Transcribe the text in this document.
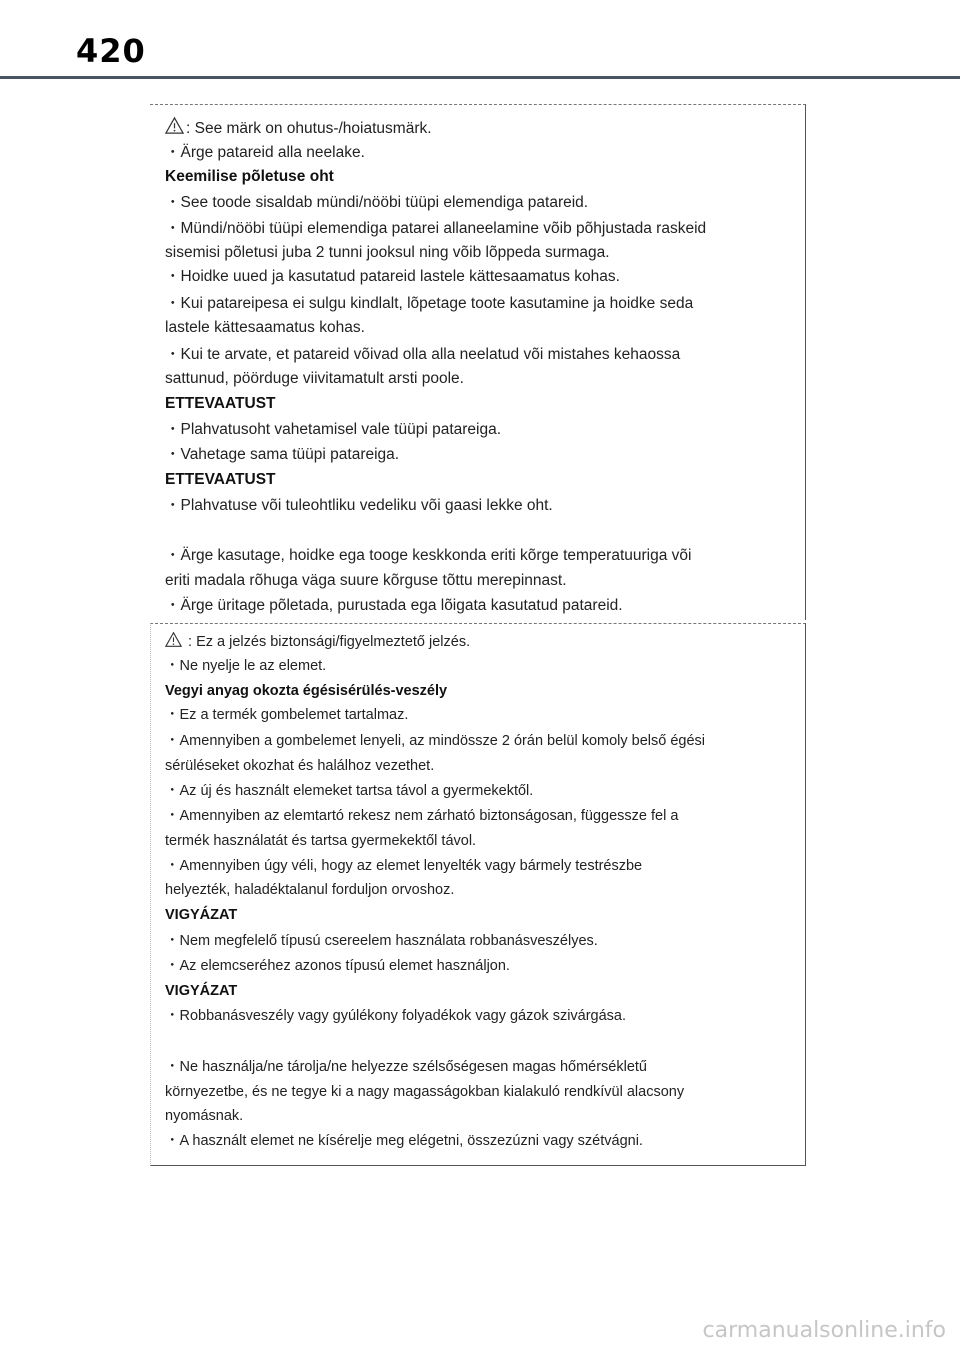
420
: See märk on ohutus-/hoiatusmärk.
・Ärge patareid alla neelake.
Keemilise põletuse oht
・See toode sisaldab mündi/nööbi tüüpi elemendiga patareid.
・Mündi/nööbi tüüpi elemendiga patarei allaneelamine võib põhjustada raskeid
sisemisi põletusi juba 2 tunni jooksul ning võib lõppeda surmaga.
・Hoidke uued ja kasutatud patareid lastele kättesaamatus kohas.
・Kui patareipesa ei sulgu kindlalt, lõpetage toote kasutamine ja hoidke seda
lastele kättesaamatus kohas.
・Kui te arvate, et patareid võivad olla alla neelatud või mistahes kehaossa
sattunud, pöörduge viivitamatult arsti poole.
ETTEVAATUST
・Plahvatusoht vahetamisel vale tüüpi patareiga.
・Vahetage sama tüüpi patareiga.
ETTEVAATUST
・Plahvatuse või tuleohtliku vedeliku või gaasi lekke oht.
・Ärge kasutage, hoidke ega tooge keskkonda eriti kõrge temperatuuriga või
eriti madala rõhuga väga suure kõrguse tõttu merepinnast.
・Ärge üritage põletada, purustada ega lõigata kasutatud patareid.
: Ez a jelzés biztonsági/figyelmeztető jelzés.
・Ne nyelje le az elemet.
Vegyi anyag okozta égésisérülés-veszély
・Ez a termék gombelemet tartalmaz.
・Amennyiben a gombelemet lenyeli, az mindössze 2 órán belül komoly belső égési
sérüléseket okozhat és halálhoz vezethet.
・Az új és használt elemeket tartsa távol a gyermekektől.
・Amennyiben az elemtartó rekesz nem zárható biztonságosan, függessze fel a
termék használatát és tartsa gyermekektől távol.
・Amennyiben úgy véli, hogy az elemet lenyelték vagy bármely testrészbe
helyezték, haladéktalanul forduljon orvoshoz.
VIGYÁZAT
・Nem megfelelő típusú csereelem használata robbanásveszélyes.
・Az elemcseréhez azonos típusú elemet használjon.
VIGYÁZAT
・Robbanásveszély vagy gyúlékony folyadékok vagy gázok szivárgása.
・Ne használja/ne tárolja/ne helyezze szélsőségesen magas hőmérsékletű
környezetbe, és ne tegye ki a nagy magasságokban kialakuló rendkívül alacsony
nyomásnak.
・A használt elemet ne kísérelje meg elégetni, összezúzni vagy szétvágni.
carmanualsonline.info
